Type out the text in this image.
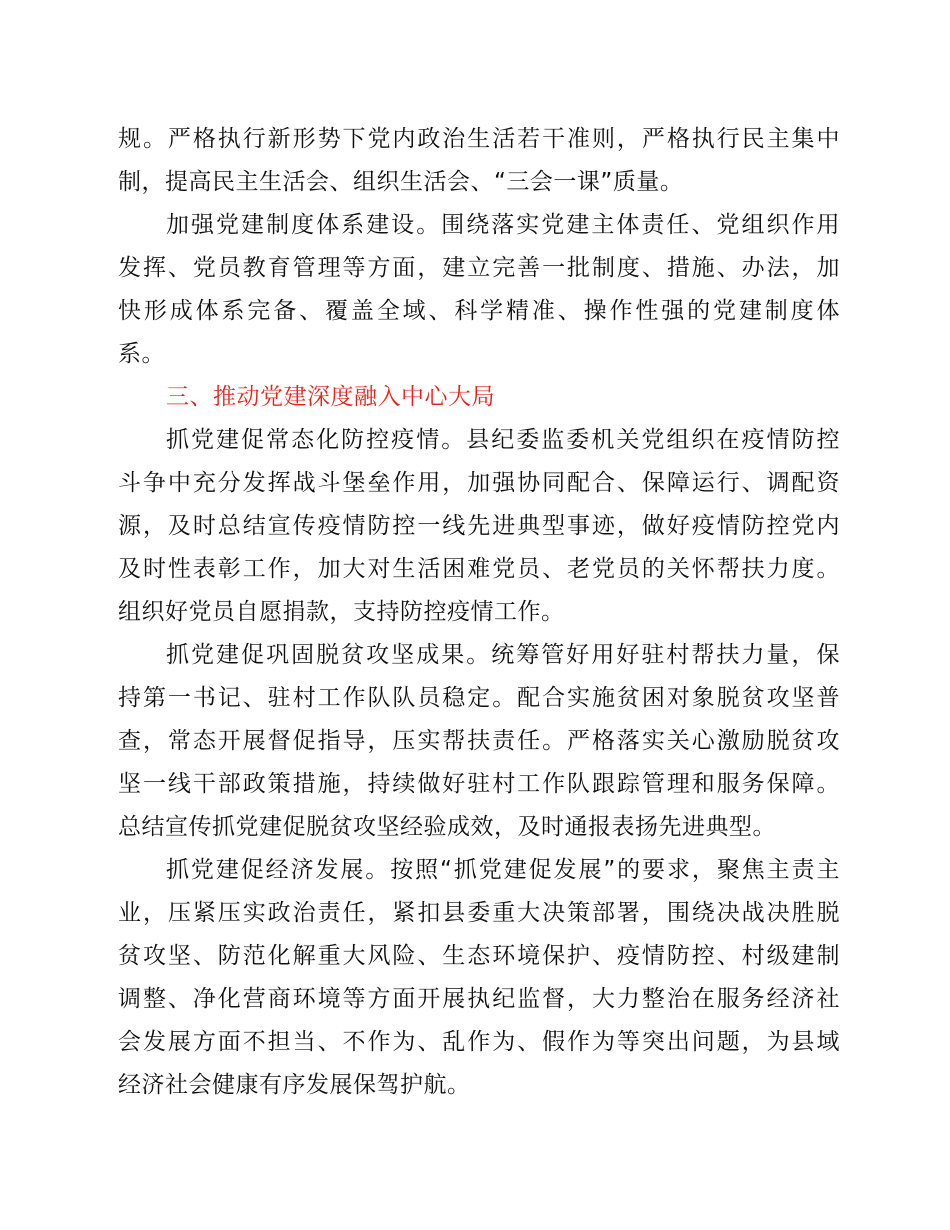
规。严格执行新形势下党内政治生活若干准则，严格执行民主集中
制，提高民主生活会、组织生活会、“三会一课”质量。
加强党建制度体系建设。围绕落实党建主体责任、党组织作用
发挥、党员教育管理等方面，建立完善一批制度、措施、办法，加
快形成体系完备、覆盖全域、科学精准、操作性强的党建制度体
系。
三、推动党建深度融入中心大局
抓党建促常态化防控疫情。县纪委监委机关党组织在疫情防控
斗争中充分发挥战斗堡垒作用，加强协同配合、保障运行、调配资
源，及时总结宣传疫情防控一线先进典型事迹，做好疫情防控党内
及时性表彰工作，加大对生活困难党员、老党员的关怀帮扶力度。
组织好党员自愿捐款，支持防控疫情工作。
抓党建促巩固脱贫攻坚成果。统筹管好用好驻村帮扶力量，保
持第一书记、驻村工作队队员稳定。配合实施贫困对象脱贫攻坚普
查，常态开展督促指导，压实帮扶责任。严格落实关心激励脱贫攻
坚一线干部政策措施，持续做好驻村工作队跟踪管理和服务保障。
总结宣传抓党建促脱贫攻坚经验成效，及时通报表扬先进典型。
抓党建促经济发展。按照“抓党建促发展”的要求，聚焦主责主
业，压紧压实政治责任，紧扣县委重大决策部署，围绕决战决胜脱
贫攻坚、防范化解重大风险、生态环境保护、疫情防控、村级建制
调整、净化营商环境等方面开展执纪监督，大力整治在服务经济社
会发展方面不担当、不作为、乱作为、假作为等突出问题，为县域
经济社会健康有序发展保驾护航。
